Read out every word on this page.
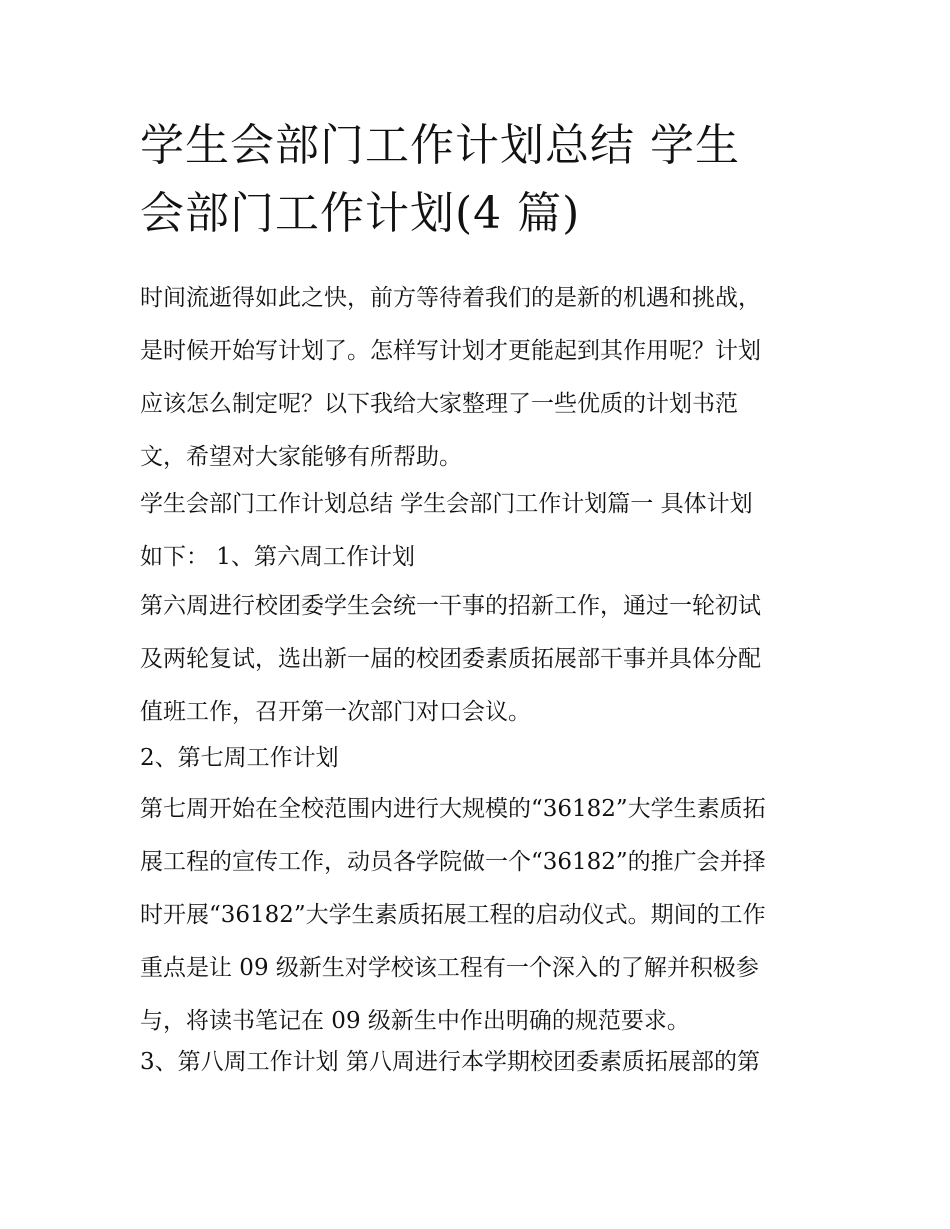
学生会部门工作计划总结 学生
会部门工作计划(4 篇)
时间流逝得如此之快，前方等待着我们的是新的机遇和挑战，
是时候开始写计划了。怎样写计划才更能起到其作用呢？计划
应该怎么制定呢？以下我给大家整理了一些优质的计划书范
文，希望对大家能够有所帮助。
学生会部门工作计划总结 学生会部门工作计划篇一 具体计划
如下： 1、第六周工作计划
第六周进行校团委学生会统一干事的招新工作，通过一轮初试
及两轮复试，选出新一届的校团委素质拓展部干事并具体分配
值班工作，召开第一次部门对口会议。
2、第七周工作计划
第七周开始在全校范围内进行大规模的“36182”大学生素质拓
展工程的宣传工作，动员各学院做一个“36182”的推广会并择
时开展“36182”大学生素质拓展工程的启动仪式。期间的工作
重点是让 09 级新生对学校该工程有一个深入的了解并积极参
与，将读书笔记在 09 级新生中作出明确的规范要求。
3、第八周工作计划 第八周进行本学期校团委素质拓展部的第
